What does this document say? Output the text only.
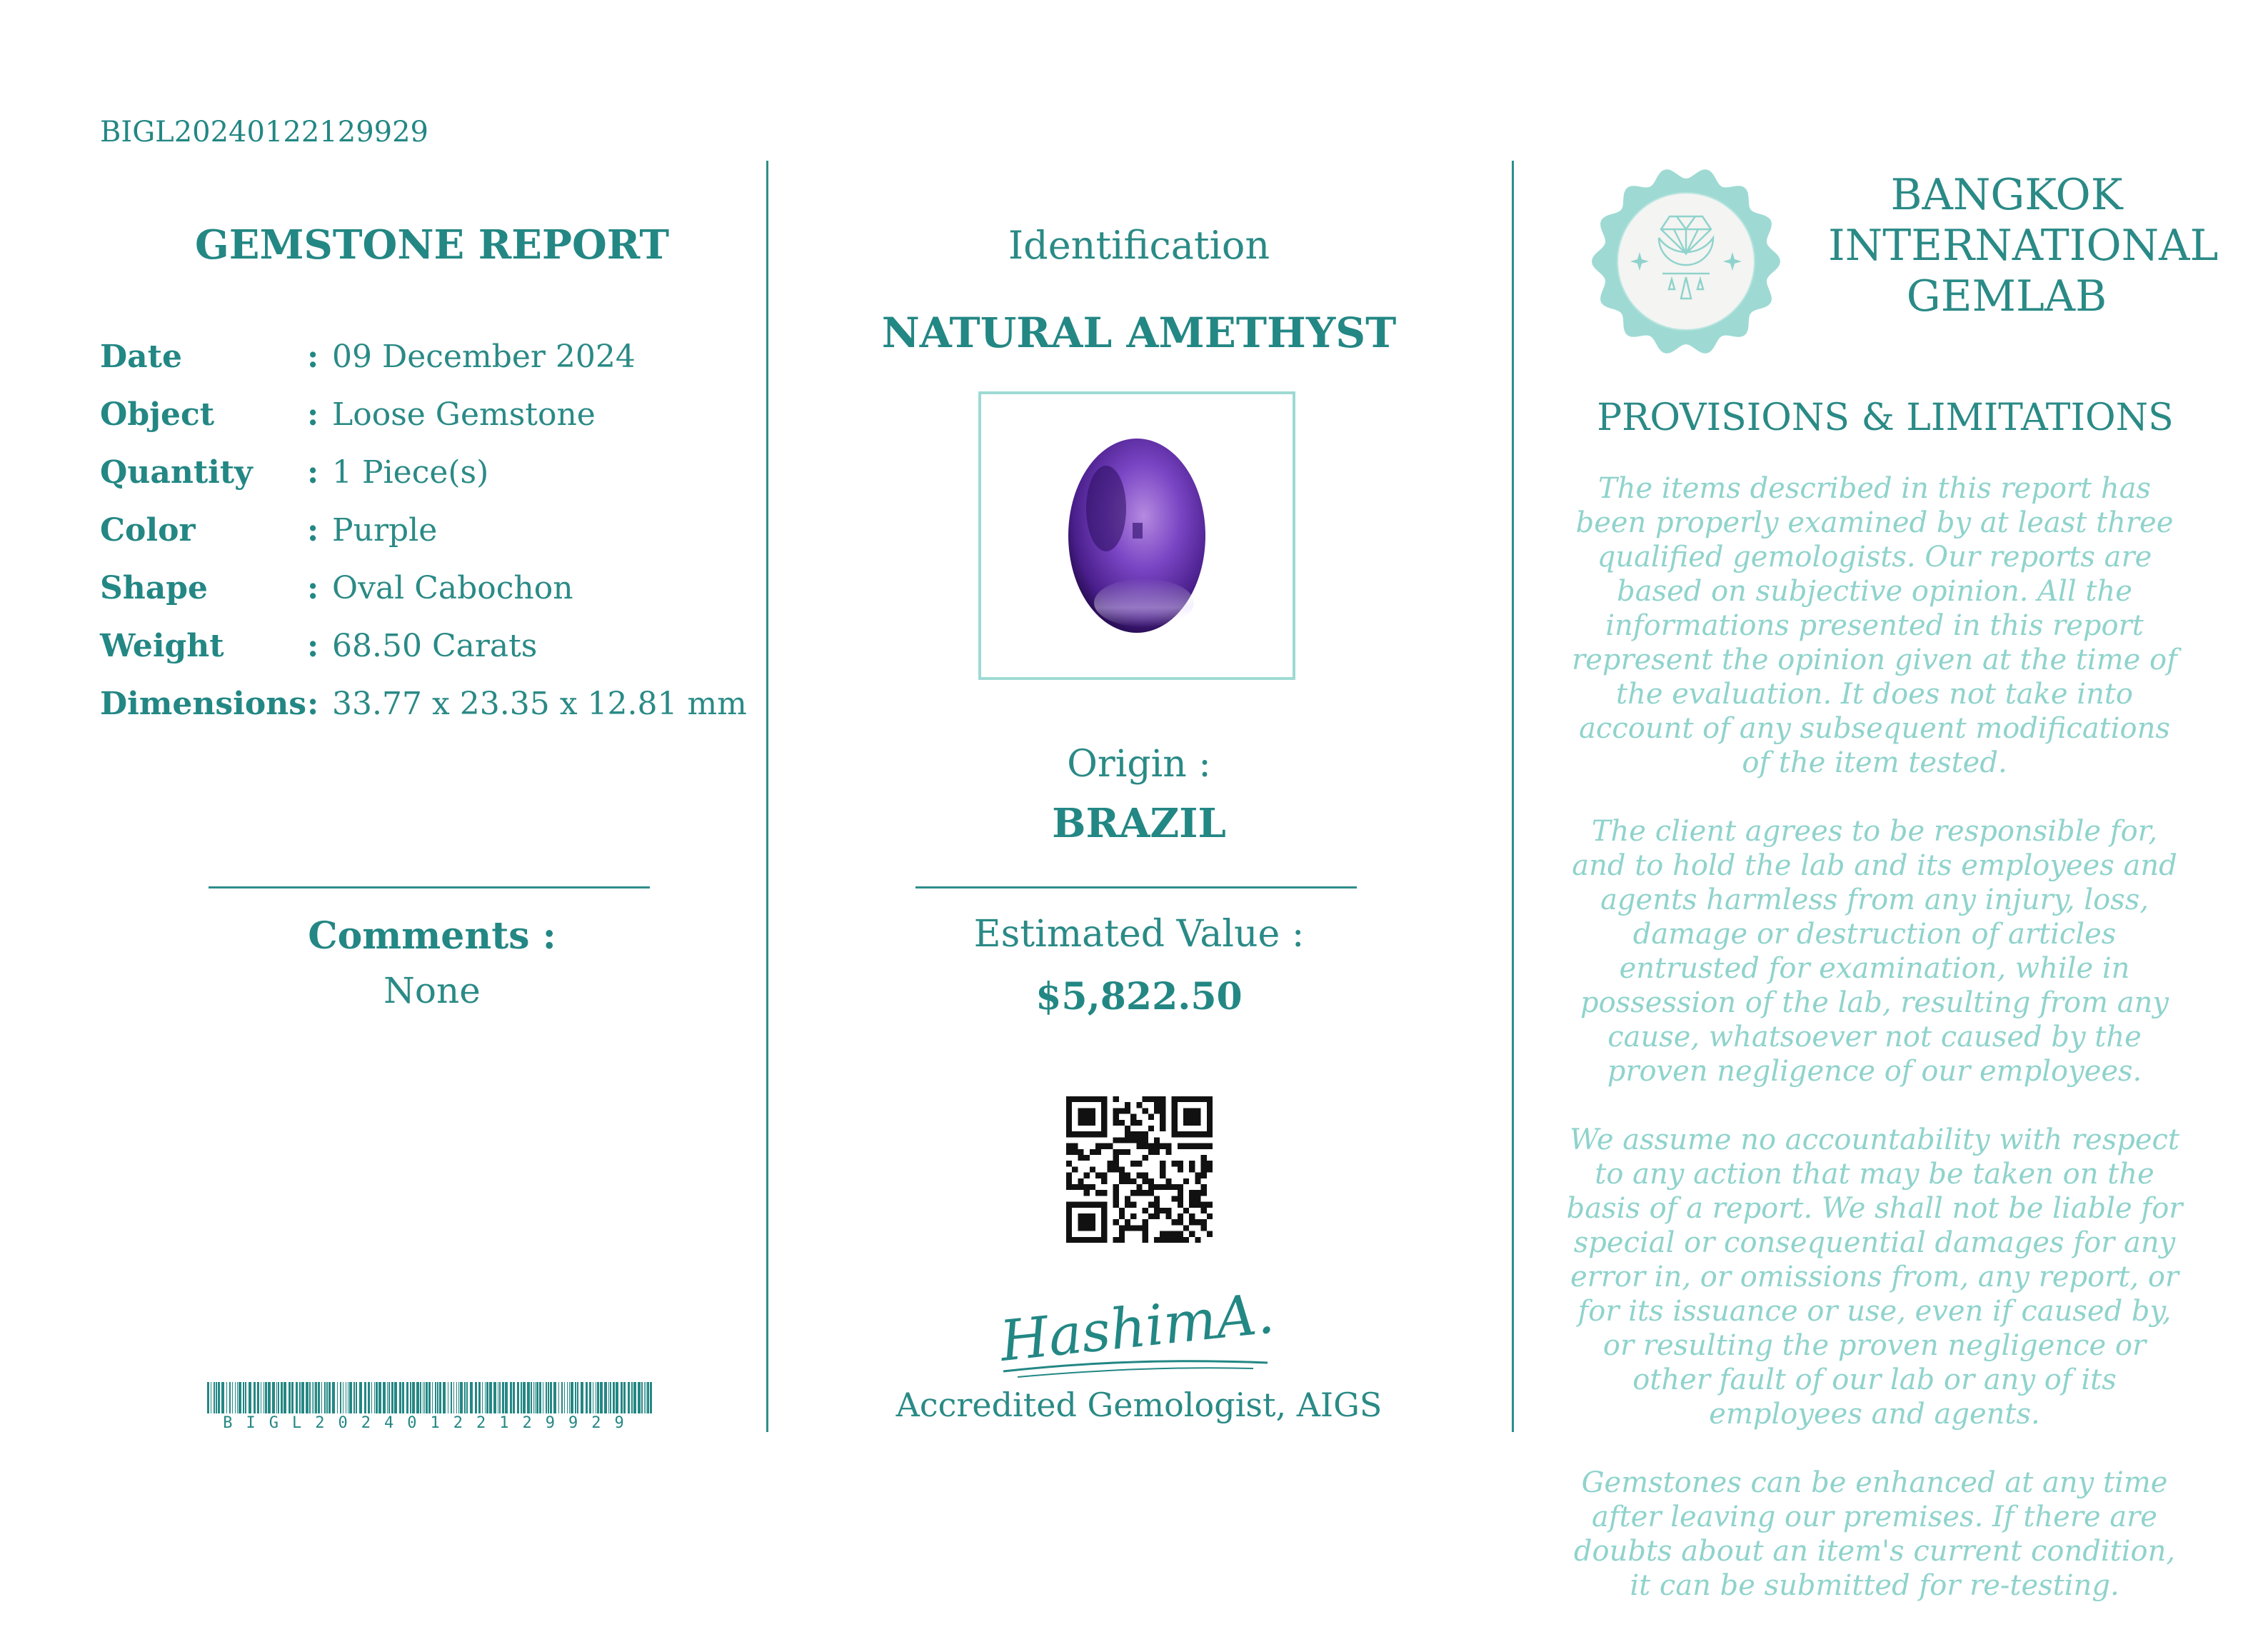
BIGL20240122129929
GEMSTONE REPORT
Date	: 09 December 2024
Object	: Loose Gemstone
Quantity	: 1 Piece(s)
Color	: Purple
Shape	: Oval Cabochon
Weight	: 68.50 Carats
Dimensions : 33.77 x 23.35 x 12.81 mm
Comments :
None
BIGL20240122129929
Identification
NATURAL AMETHYST
Origin :
BRAZIL
Estimated Value :
$5,822.50
HashimA.
Accredited Gemologist, AIGS
BANGKOK
INTERNATIONAL
GEMLAB
PROVISIONS & LIMITATIONS

The items described in this report has been properly examined by at least three qualified gemologists. Our reports are based on subjective opinion. All the informations presented in this report represent the opinion given at the time of the evaluation. It does not take into account of any subsequent modifications of the item tested.

The client agrees to be responsible for, and to hold the lab and its employees and agents harmless from any injury, loss, damage or destruction of articles entrusted for examination, while in possession of the lab, resulting from any cause, whatsoever not caused by the proven negligence of our employees.

We assume no accountability with respect to any action that may be taken on the basis of a report. We shall not be liable for special or consequential damages for any error in, or omissions from, any report, or for its issuance or use, even if caused by, or resulting the proven negligence or other fault of our lab or any of its employees and agents.

Gemstones can be enhanced at any time after leaving our premises. If there are doubts about an item's current condition, it can be submitted for re-testing.
